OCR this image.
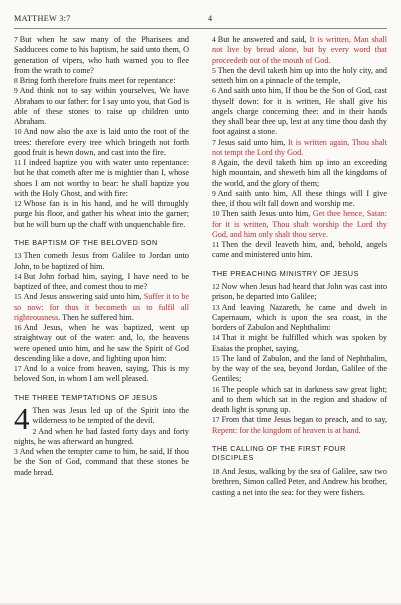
MATTHEW 3:7	4
7 But when he saw many of the Pharisees and Sadducees come to his baptism, he said unto them, O generation of vipers, who hath warned you to flee from the wrath to come?
8 Bring forth therefore fruits meet for repentance:
9 And think not to say within yourselves, We have Abraham to our father: for I say unto you, that God is able of these stones to raise up children unto Abraham.
10 And now also the axe is laid unto the root of the trees: therefore every tree which bringeth not forth good fruit is hewn down, and cast into the fire.
11 I indeed baptize you with water unto repentance: but he that cometh after me is mightier than I, whose shoes I am not worthy to bear: he shall baptize you with the Holy Ghost, and with fire:
12 Whose fan is in his hand, and he will throughly purge his floor, and gather his wheat into the garner; but he will burn up the chaff with unquenchable fire.
THE BAPTISM OF THE BELOVED SON
13 Then cometh Jesus from Galilee to Jordan unto John, to be baptized of him.
14 But John forbad him, saying, I have need to be baptized of thee, and comest thou to me?
15 And Jesus answering said unto him, Suffer it to be so now: for thus it becometh us to fulfil all righteousness. Then he suffered him.
16 And Jesus, when he was baptized, went up straightway out of the water: and, lo, the heavens were opened unto him, and he saw the Spirit of God descending like a dove, and lighting upon him:
17 And lo a voice from heaven, saying, This is my beloved Son, in whom I am well pleased.
THE THREE TEMPTATIONS OF JESUS
4 Then was Jesus led up of the Spirit into the wilderness to be tempted of the devil.
2 And when he had fasted forty days and forty nights, he was afterward an hungred.
3 And when the tempter came to him, he said, If thou be the Son of God, command that these stones be made bread.
4 But he answered and said, It is written, Man shall not live by bread alone, but by every word that proceedeth out of the mouth of God.
5 Then the devil taketh him up into the holy city, and setteth him on a pinnacle of the temple,
6 And saith unto him, If thou be the Son of God, cast thyself down: for it is written, He shall give his angels charge concerning thee: and in their hands they shall bear thee up, lest at any time thou dash thy foot against a stone.
7 Jesus said unto him, It is written again, Thou shalt not tempt the Lord thy God.
8 Again, the devil taketh him up into an exceeding high mountain, and sheweth him all the kingdoms of the world, and the glory of them;
9 And saith unto him, All these things will I give thee, if thou wilt fall down and worship me.
10 Then saith Jesus unto him, Get thee hence, Satan: for it is written, Thou shalt worship the Lord thy God, and him only shalt thou serve.
11 Then the devil leaveth him, and, behold, angels came and ministered unto him.
THE PREACHING MINISTRY OF JESUS
12 Now when Jesus had heard that John was cast into prison, he departed into Galilee;
13 And leaving Nazareth, he came and dwelt in Capernaum, which is upon the sea coast, in the borders of Zabulon and Nephthalim:
14 That it might be fulfilled which was spoken by Esaias the prophet, saying,
15 The land of Zabulon, and the land of Nephthalim, by the way of the sea, beyond Jordan, Galilee of the Gentiles;
16 The people which sat in darkness saw great light; and to them which sat in the region and shadow of death light is sprung up.
17 From that time Jesus began to preach, and to say, Repent: for the kingdom of heaven is at hand.
THE CALLING OF THE FIRST FOUR DISCIPLES
18 And Jesus, walking by the sea of Galilee, saw two brethren, Simon called Peter, and Andrew his brother, casting a net into the sea: for they were fishers.
